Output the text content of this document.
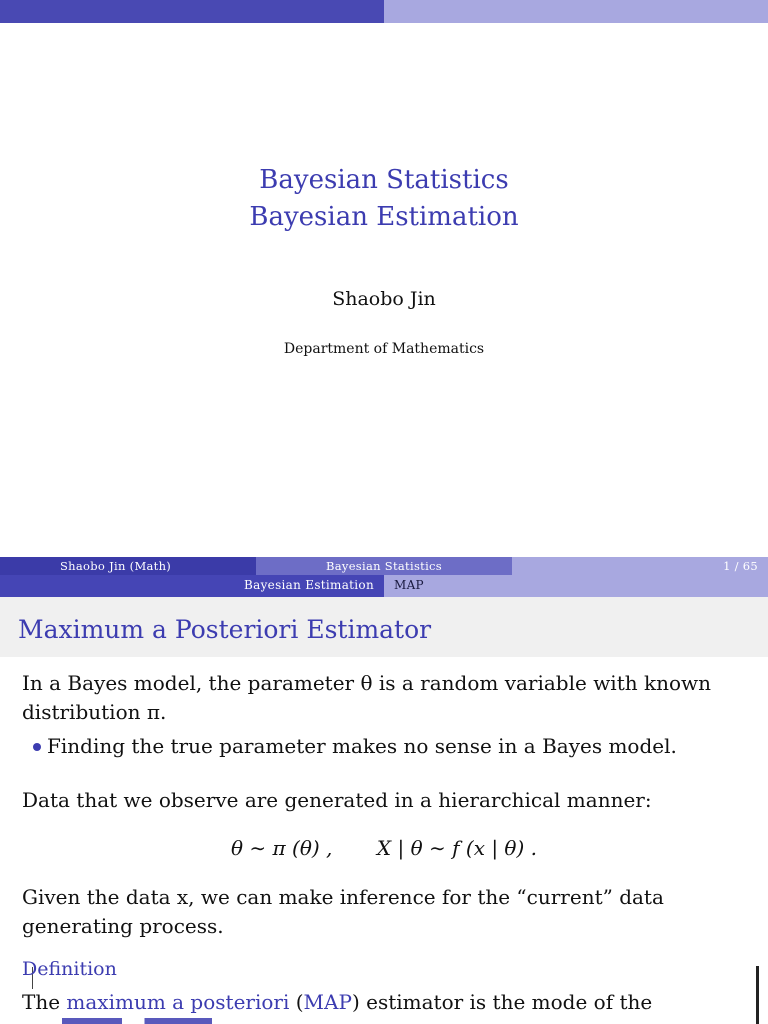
Bayesian Statistics
Bayesian Estimation
Shaobo Jin
Department of Mathematics
Shaobo Jin (Math)	Bayesian Statistics	1 / 65
Bayesian Estimation	MAP
Maximum a Posteriori Estimator
In a Bayes model, the parameter θ is a random variable with known distribution π.
Finding the true parameter makes no sense in a Bayes model.
Data that we observe are generated in a hierarchical manner:
θ ∼ π (θ) , X | θ ∼ f (x | θ) .
Given the data x, we can make inference for the “current” data generating process.
Definition
The maximum a posteriori (MAP) estimator is the mode of the
